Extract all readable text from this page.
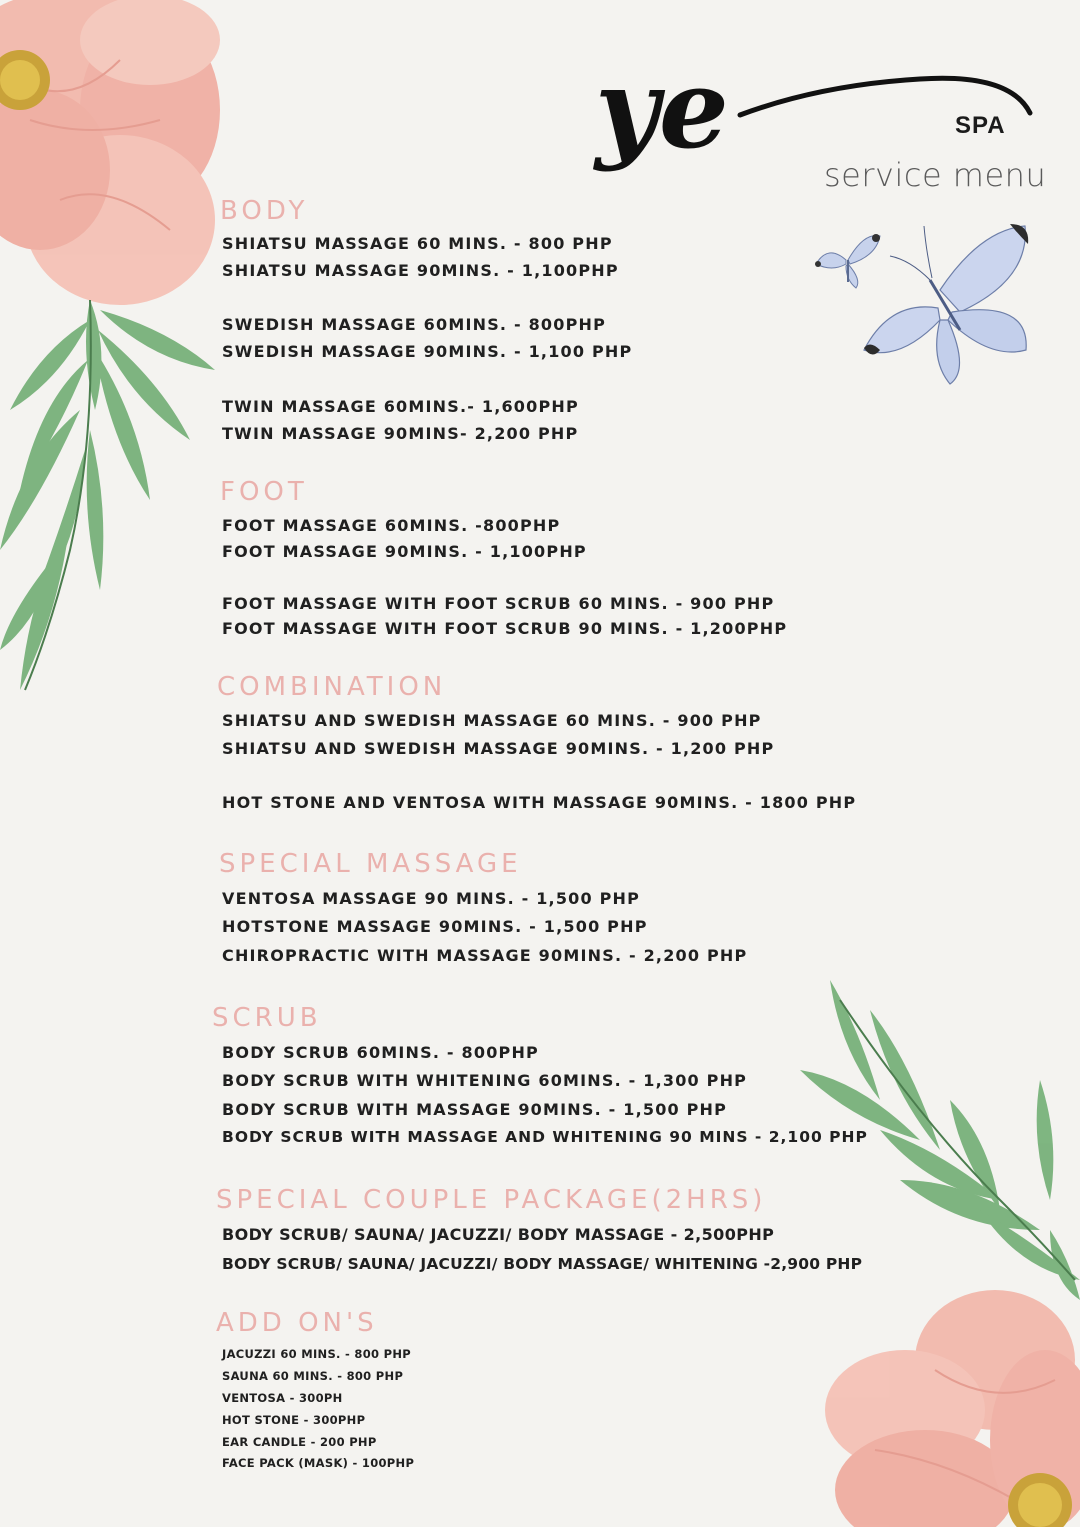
ye	SPA
service menu
BODY
SHIATSU MASSAGE 60 MINS. - 800 PHP
SHIATSU MASSAGE 90MINS. - 1,100PHP
SWEDISH MASSAGE 60MINS. - 800PHP
SWEDISH MASSAGE 90MINS. - 1,100 PHP
TWIN MASSAGE 60MINS.- 1,600PHP
TWIN MASSAGE 90MINS- 2,200 PHP
FOOT
FOOT MASSAGE 60MINS. -800PHP
FOOT MASSAGE 90MINS. - 1,100PHP
FOOT MASSAGE WITH FOOT SCRUB 60 MINS. - 900 PHP
FOOT MASSAGE WITH FOOT SCRUB 90 MINS. - 1,200PHP
COMBINATION
SHIATSU AND SWEDISH MASSAGE 60 MINS. - 900 PHP
SHIATSU AND SWEDISH MASSAGE 90MINS. - 1,200 PHP
HOT STONE AND VENTOSA WITH MASSAGE 90MINS. - 1800 PHP
SPECIAL MASSAGE
VENTOSA MASSAGE 90 MINS. - 1,500 PHP
HOTSTONE MASSAGE 90MINS. - 1,500 PHP
CHIROPRACTIC WITH MASSAGE 90MINS. - 2,200 PHP
SCRUB
BODY SCRUB 60MINS. - 800PHP
BODY SCRUB WITH WHITENING 60MINS. - 1,300 PHP
BODY SCRUB WITH MASSAGE 90MINS. - 1,500 PHP
BODY SCRUB WITH MASSAGE AND WHITENING 90 MINS - 2,100 PHP
SPECIAL COUPLE PACKAGE(2HRS)
BODY SCRUB/ SAUNA/ JACUZZI/ BODY MASSAGE - 2,500PHP
BODY SCRUB/ SAUNA/ JACUZZI/ BODY MASSAGE/ WHITENING -2,900 PHP
ADD ON'S
JACUZZI 60 MINS. - 800 PHP
SAUNA 60 MINS. - 800 PHP
VENTOSA - 300PH
HOT STONE - 300PHP
EAR CANDLE - 200 PHP
FACE PACK (MASK) - 100PHP
